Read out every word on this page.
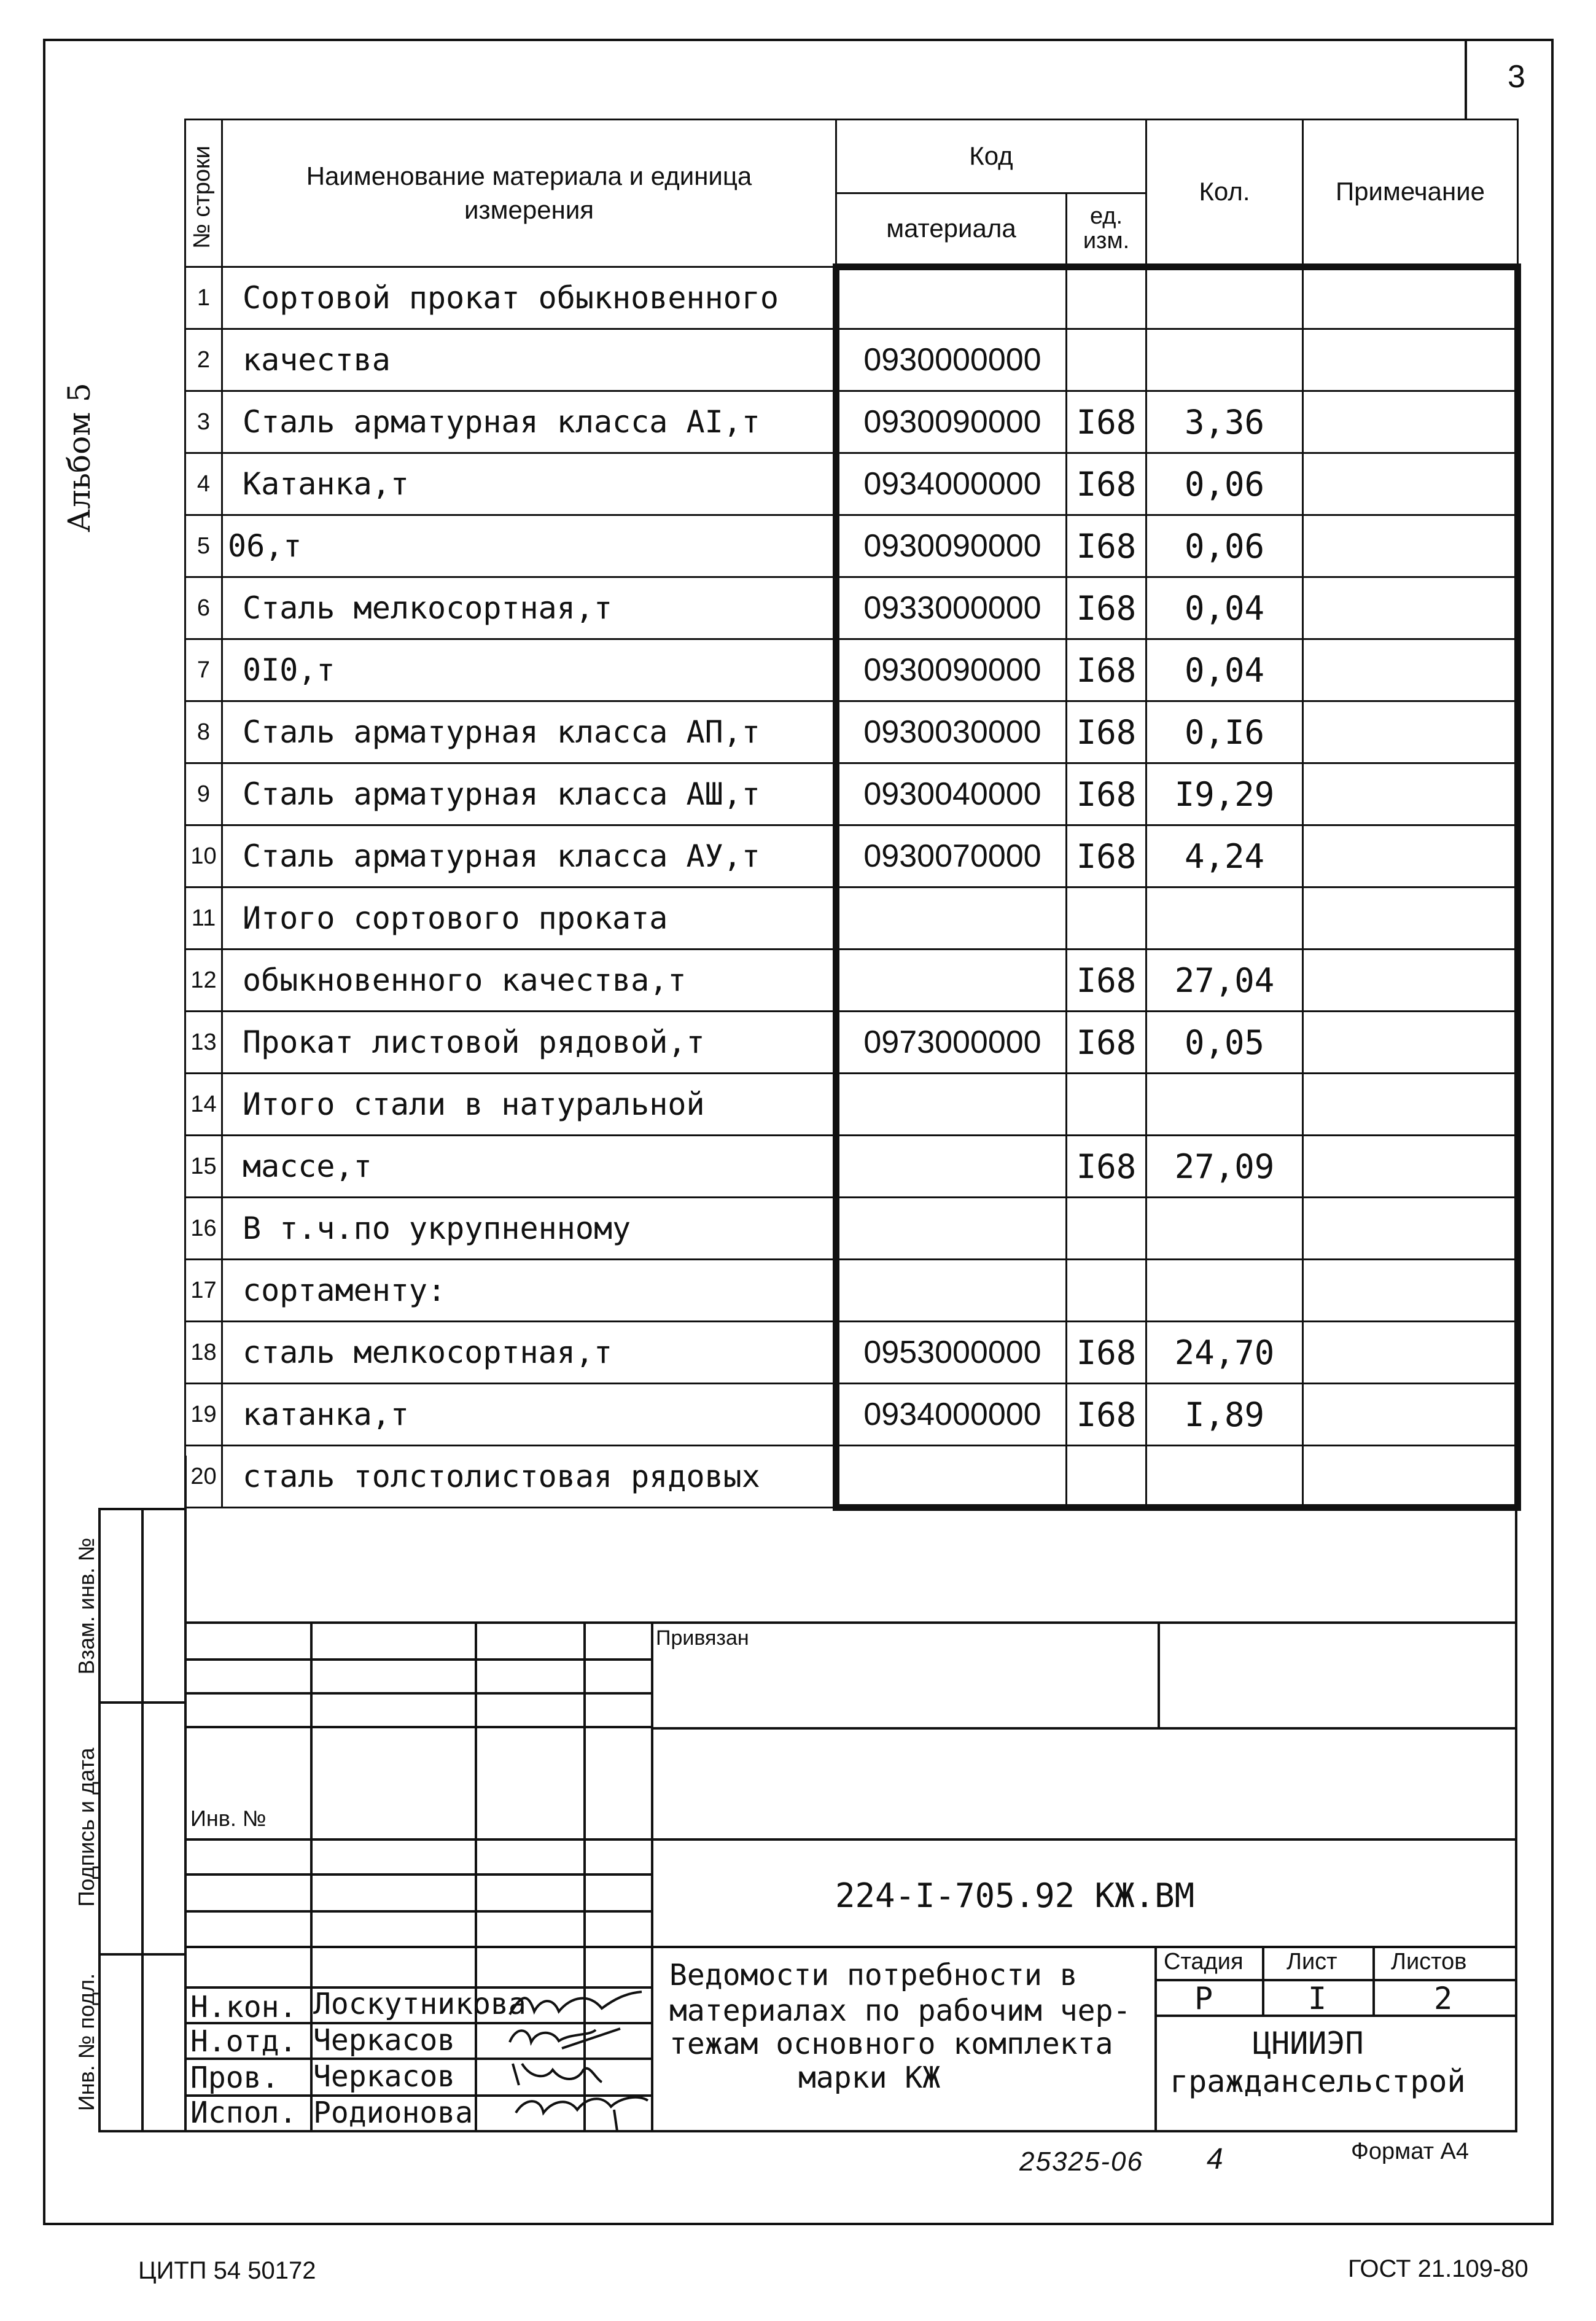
3
Альбом 5
№ строки	Наименование материала и единица измерения	Код		Кол.	Примечание
		материала	ед. изм.		
1	Сортовой прокат обыкновенного				
2	качества	0930000000			
3	Сталь арматурная класса АI,т	0930090000	I68	3,36	
4	Катанка,т	0934000000	I68	0,06	
5	06,т	0930090000	I68	0,06	
6	Сталь мелкосортная,т	0933000000	I68	0,04	
7	0I0,т	0930090000	I68	0,04	
8	Сталь арматурная класса АП,т	0930030000	I68	0,I6	
9	Сталь арматурная класса АШ,т	0930040000	I68	I9,29	
10	Сталь арматурная класса АУ,т	0930070000	I68	4,24	
11	Итого сортового проката				
12	обыкновенного качества,т		I68	27,04	
13	Прокат листовой рядовой,т	0973000000	I68	0,05	
14	Итого стали в натуральной				
15	массе,т		I68	27,09	
16	В т.ч.по укрупненному				
17	сортаменту:				
18	сталь мелкосортная,т	0953000000	I68	24,70	
19	катанка,т	0934000000	I68	I,89	
20	сталь толстолистовая рядовых				
Взам. инв. №
Подпись и дата
Инв. № подл.
Привязан
Инв. №
224-I-705.92 КЖ.ВМ
Стадия Лист Листов
Р	I	2
ЦНИИЭП
граждансельстрой
Ведомости потребности в
материалах по рабочим чер-
тежам основного комплекта
марки КЖ
Н.кон. Лоскутникова
Н.отд. Черкасов
Пров. Черкасов
Испол. Родионова
25325-06 4	Формат А4
ЦИТП 54 50172	ГОСТ 21.109-80
